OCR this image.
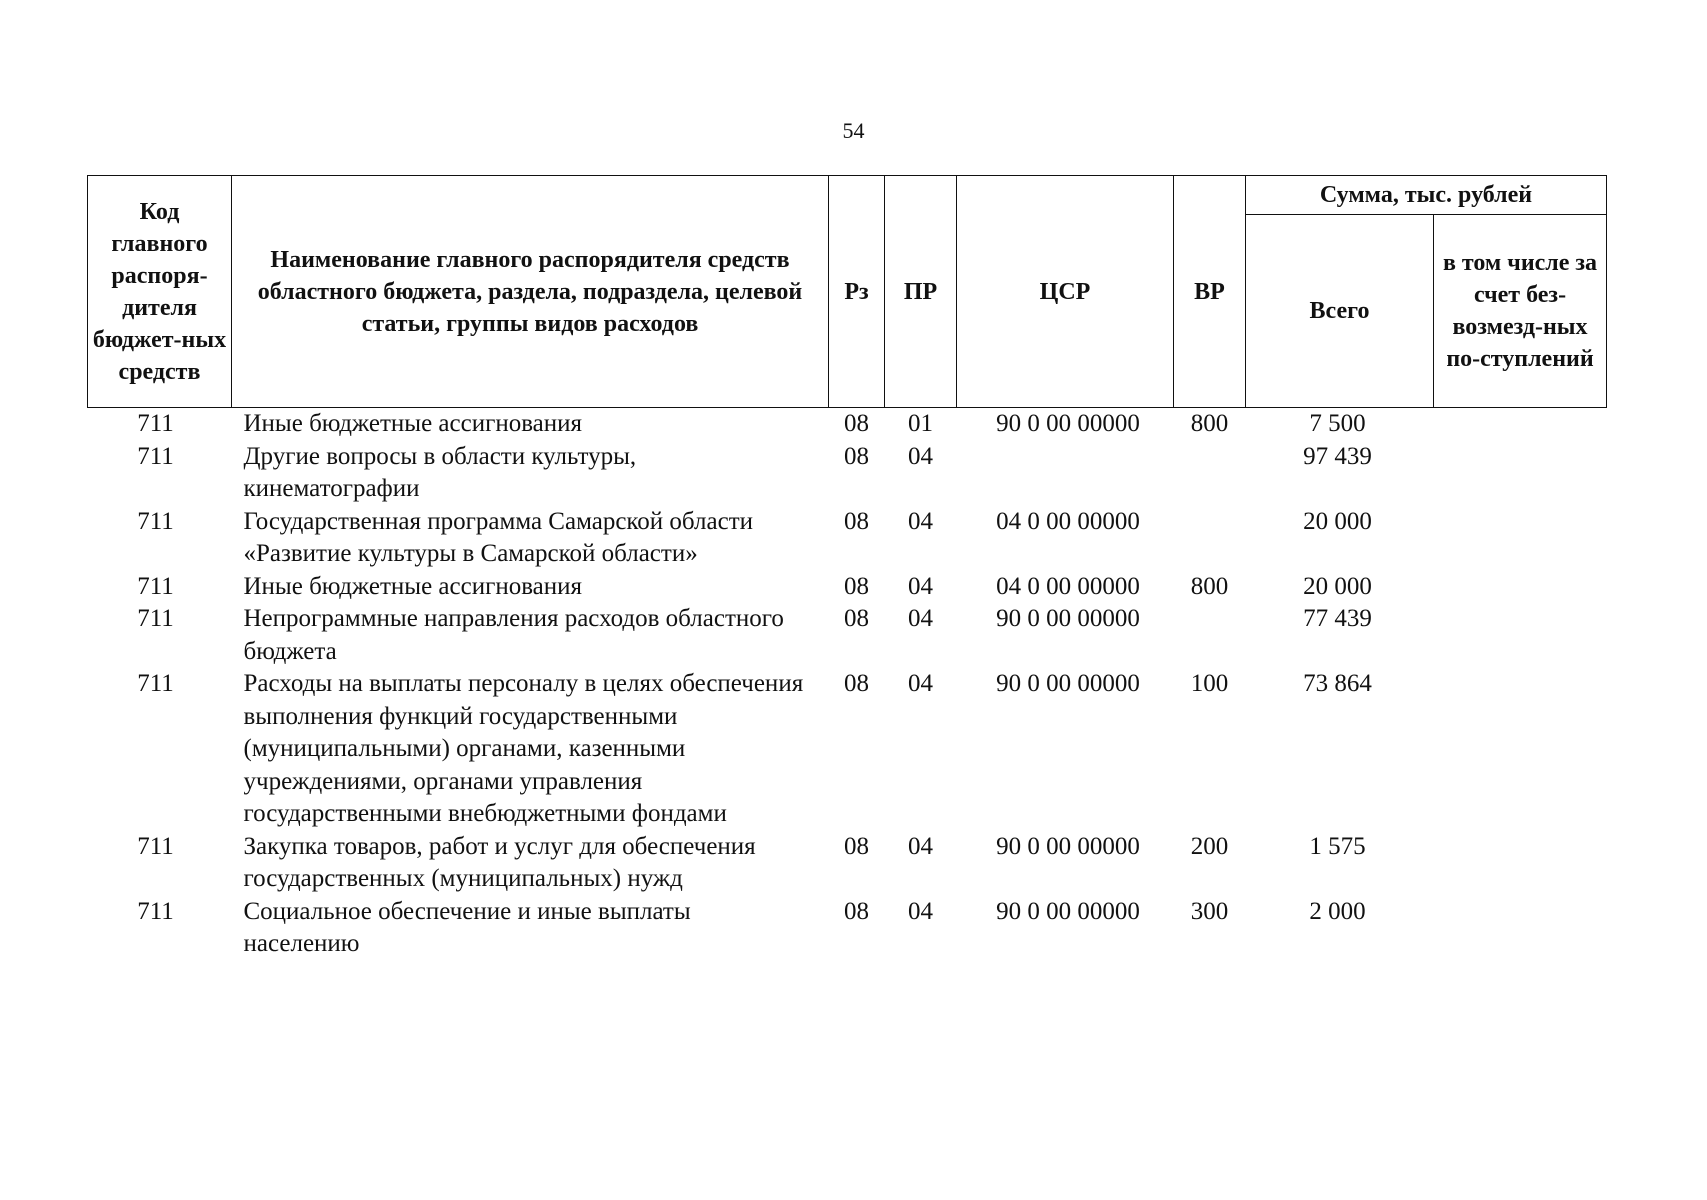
54
Код главного распоря-дителя бюджет-ных средств	Наименование главного распорядителя средств областного бюджета, раздела, подраздела, целевой статьи, группы видов расходов	Рз	ПР	ЦСР	ВР	Сумма, тыс. рублей	
						Всего	в том числе за счет без-возмезд-ных по-ступлений
711	Иные бюджетные ассигнования	08	01	90 0 00 00000	800	7 500	
711	Другие вопросы в области культуры, кинематографии	08	04			97 439	
711	Государственная программа Самарской области «Развитие культуры в Самарской области»	08	04	04 0 00 00000		20 000	
711	Иные бюджетные ассигнования	08	04	04 0 00 00000	800	20 000	
711	Непрограммные направления расходов областного бюджета	08	04	90 0 00 00000		77 439	
711	Расходы на выплаты персоналу в целях обеспечения выполнения функций государственными (муниципальными) органами, казенными учреждениями, органами управления государственными внебюджетными фондами	08	04	90 0 00 00000	100	73 864	
711	Закупка товаров, работ и услуг для обеспечения государственных (муниципальных) нужд	08	04	90 0 00 00000	200	1 575	
711	Социальное обеспечение и иные выплаты населению	08	04	90 0 00 00000	300	2 000	
